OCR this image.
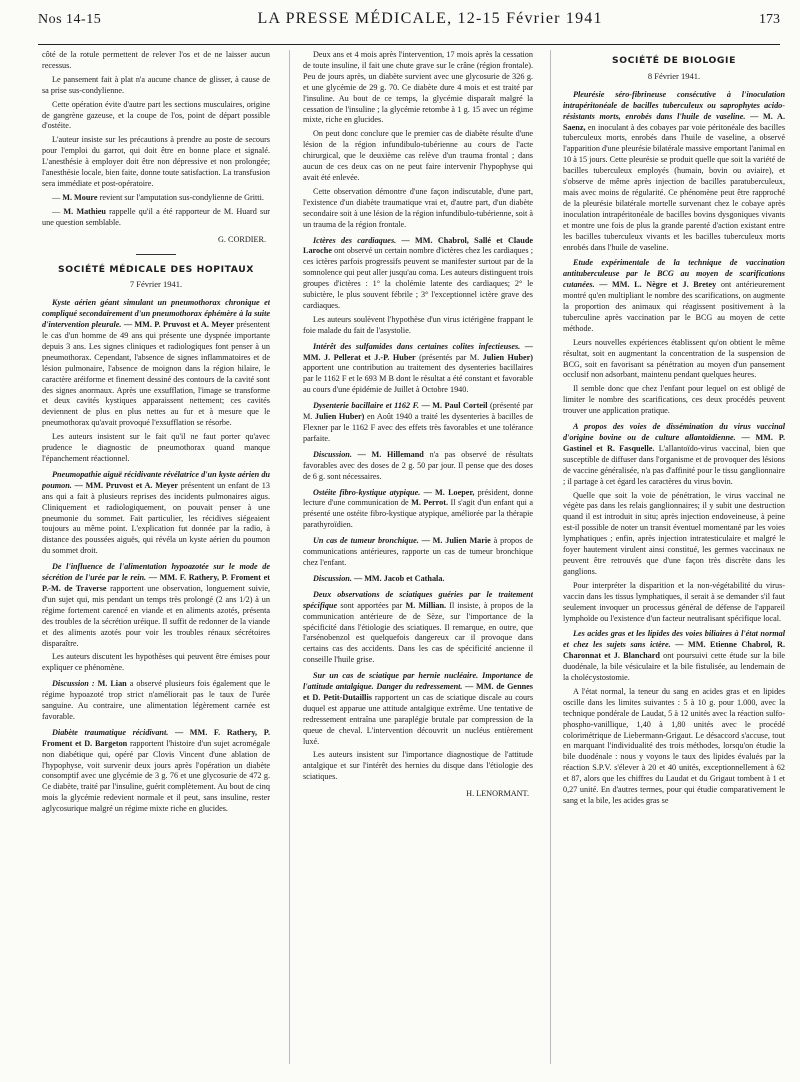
Nos 14-15	LA PRESSE MÉDICALE, 12-15 Février 1941	173

côté de la rotule permettent de relever l'os et de ne laisser aucun recessus.

Le pansement fait à plat n'a aucune chance de glisser, à cause de sa prise sus-condylienne.

Cette opération évite d'autre part les sections musculaires, origine de gangrène gazeuse, et la coupe de l'os, point de départ possible d'ostéite.

L'auteur insiste sur les précautions à prendre au poste de secours pour l'emploi du garrot, qui doit être en bonne place et signalé. L'anesthésie à employer doit être non dépressive et non prolongée; l'anesthésie locale, bien faite, donne toute satisfaction. La transfusion sera immédiate et post-opératoire.

— M. Moure revient sur l'amputation sus-condylienne de Gritti.

— M. Mathieu rappelle qu'il a été rapporteur de M. Huard sur une question semblable.

G. CORDIER.

SOCIÉTÉ MÉDICALE DES HOPITAUX
7 Février 1941.

Kyste aérien géant simulant un pneumothorax chronique et compliqué secondairement d'un pneumothorax éphémère à la suite d'intervention pleurale. — MM. P. Pruvost et A. Meyer présentent le cas d'un homme de 49 ans qui présente une dyspnée importante depuis 3 ans. Les signes cliniques et radiologiques font penser à un pneumothorax. Cependant, l'absence de signes inflammatoires et de lésion pulmonaire, l'absence de moignon dans la région hilaire, le caractère aréiforme et finement dessiné des contours de la cavité sont des signes anormaux. Après une exsufflation, l'image se transforme et deux cavités kystiques apparaissent nettement; ces cavités deviennent de plus en plus nettes au fur et à mesure que le pneumothorax qu'avait provoqué l'exsufflation se résorbe.

Les auteurs insistent sur le fait qu'il ne faut porter qu'avec prudence le diagnostic de pneumothorax quand manque l'épanchement réactionnel.

Pneumopathie aiguë récidivante révélatrice d'un kyste aérien du poumon. — MM. Pruvost et A. Meyer présentent un enfant de 13 ans qui a fait à plusieurs reprises des incidents pulmonaires aigus. Cliniquement et radiologiquement, on pouvait penser à une pneumonie du sommet. Fait particulier, les récidives siégeaient toujours au même point. L'explication fut donnée par la radio, à distance des poussées aiguës, qui révéla un kyste aérien du poumon du sommet droit.

De l'influence de l'alimentation hypoazotée sur le mode de sécrétion de l'urée par le rein. — MM. F. Rathery, P. Froment et P.-M. de Traverse rapportent une observation, longuement suivie, d'un sujet qui, mis pendant un temps très prolongé (2 ans 1/2) à un régime fortement carencé en viande et en aliments azotés, présenta des troubles de la sécrétion uréique. Il suffit de redonner de la viande et des aliments azotés pour voir les troubles rénaux sécrétoires disparaître.

Les auteurs discutent les hypothèses qui peuvent être émises pour expliquer ce phénomène.

Discussion : M. Lian a observé plusieurs fois également que le régime hypoazoté trop strict n'améliorait pas le taux de l'urée sanguine. Au contraire, une alimentation légèrement carnée est favorable.

Diabète traumatique récidivant. — MM. F. Rathery, P. Froment et D. Bargeton rapportent l'histoire d'un sujet acromégale non diabétique qui, opéré par Clovis Vincent d'une ablation de l'hypophyse, voit survenir deux jours après l'opération un diabète consomptif avec une glycémie de 3 g. 76 et une glycosurie de 472 g. Ce diabète, traité par l'insuline, guérit complètement. Au bout de cinq mois la glycémie redevient normale et il peut, sans insuline, rester aglycosurique malgré un régime mixte riche en glucides.

Deux ans et 4 mois après l'intervention, 17 mois après la cessation de toute insuline, il fait une chute grave sur le crâne (région frontale). Peu de jours après, un diabète survient avec une glycosurie de 326 g. et une glycémie de 29 g. 70. Ce diabète dure 4 mois et est traité par l'insuline. Au bout de ce temps, la glycémie disparaît malgré la cessation de l'insuline ; la glycémie retombe à 1 g. 15 avec un régime mixte, riche en glucides.

On peut donc conclure que le premier cas de diabète résulte d'une lésion de la région infundibulo-tubérienne au cours de l'acte chirurgical, que le deuxième cas relève d'un trauma frontal ; dans aucun de ces deux cas on ne peut faire intervenir l'hypophyse qui avait été enlevée.

Cette observation démontre d'une façon indiscutable, d'une part, l'existence d'un diabète traumatique vrai et, d'autre part, d'un diabète secondaire soit à une lésion de la région infundibulo-tubérienne, soit à un trauma de la région frontale.

Ictères des cardiaques. — MM. Chabrol, Sallé et Claude Laroche ont observé un certain nombre d'ictères chez les cardiaques ; ces ictères parfois progressifs peuvent se manifester surtout par de la somnolence qui peut aller jusqu'au coma. Les auteurs distinguent trois groupes d'ictères : 1° la cholémie latente des cardiaques; 2° le subictère, le plus souvent fébrile ; 3° l'exceptionnel ictère grave des cardiaques.

Les auteurs soulèvent l'hypothèse d'un virus ictérigène frappant le foie malade du fait de l'asystolie.

Intérêt des sulfamides dans certaines colites infectieuses. — MM. J. Pellerat et J.-P. Huber (présentés par M. Julien Huber) apportent une contribution au traitement des dysenteries bacillaires par le 1162 F et le 693 M B dont le résultat a été constant et favorable au cours d'une épidémie de Juillet à Octobre 1940.

Dysenterie bacillaire et 1162 F. — M. Paul Corteil (présenté par M. Julien Huber) en Août 1940 a traité les dysenteries à bacilles de Flexner par le 1162 F avec des effets très favorables et une tolérance parfaite.

Discussion. — M. Hillemand n'a pas observé de résultats favorables avec des doses de 2 g. 50 par jour. Il pense que des doses de 6 g. sont nécessaires.

Ostéite fibro-kystique atypique. — M. Loeper, président, donne lecture d'une communication de M. Perrot. Il s'agit d'un enfant qui a présenté une ostéite fibro-kystique atypique, améliorée par la thérapie parathyroïdien.

Un cas de tumeur bronchique. — M. Julien Marie à propos de communications antérieures, rapporte un cas de tumeur bronchique chez l'enfant.

Discussion. — MM. Jacob et Cathala.

Deux observations de sciatiques guéries par le traitement spécifique sont apportées par M. Millian. Il insiste, à propos de la communication antérieure de de Sèze, sur l'importance de la spécificité dans l'étiologie des sciatiques. Il remarque, en outre, que l'arsénobenzol est quelquefois dangereux car il provoque dans certains cas des accidents. Dans les cas de spécificité ancienne il conseille l'huile grise.

Sur un cas de sciatique par hernie nucléaire. Importance de l'attitude antalgique. Danger du redressement. — MM. de Gennes et D. Petit-Dutaillis rapportent un cas de sciatique discale au cours duquel est apparue une attitude antalgique extrême. Une tentative de redressement entraîna une paraplégie brutale par compression de la queue de cheval. L'intervention découvrit un nucléus entièrement luxé.

Les auteurs insistent sur l'importance diagnostique de l'attitude antalgique et sur l'intérêt des hernies du disque dans l'étiologie des sciatiques.

H. LENORMANT.

SOCIÉTÉ DE BIOLOGIE
8 Février 1941.

Pleurésie séro-fibrineuse consécutive à l'inoculation intrapéritonéale de bacilles tuberculeux ou saprophytes acido-résistants morts, enrobés dans l'huile de vaseline. — M. A. Saenz, en inoculant à des cobayes par voie péritonéale des bacilles tuberculeux morts, enrobés dans l'huile de vaseline, a observé l'apparition d'une pleurésie bilatérale massive emportant l'animal en 10 à 15 jours. Cette pleurésie se produit quelle que soit la variété de bacilles tuberculeux employés (humain, bovin ou aviaire), et s'observe de même après injection de bacilles paratuberculeux, mais avec moins de régularité. Ce phénomène peut être rapproché de la pleurésie bilatérale mortelle survenant chez le cobaye après inoculation intrapéritonéale de bacilles bovins dysgoniques vivants et montre une fois de plus la grande parenté d'action existant entre les bacilles tuberculeux vivants et les bacilles tuberculeux morts enrobés dans l'huile de vaseline.

Etude expérimentale de la technique de vaccination antituberculeuse par le BCG au moyen de scarifications cutanées. — MM. L. Nègre et J. Bretey ont antérieurement montré qu'en multipliant le nombre des scarifications, on augmente la proportion des animaux qui réagissent positivement à la tuberculine après vaccination par le BCG au moyen de cette méthode.

Leurs nouvelles expériences établissent qu'on obtient le même résultat, soit en augmentant la concentration de la suspension de BCG, soit en favorisant sa pénétration au moyen d'un pansement occlusif non adsorbant, maintenu pendant quelques heures.

Il semble donc que chez l'enfant pour lequel on est obligé de limiter le nombre des scarifications, ces deux procédés peuvent trouver une application pratique.

A propos des voies de dissémination du virus vaccinal d'origine bovine ou de culture allantoïdienne. — MM. P. Gastinel et R. Fasquelle. L'allantoïdo-virus vaccinal, bien que susceptible de diffuser dans l'organisme et de provoquer des lésions de vaccine généralisée, n'a pas d'affinité pour le tissu ganglionnaire ; il partage à cet égard les caractères du virus bovin.

Quelle que soit la voie de pénétration, le virus vaccinal ne végète pas dans les relais ganglionnaires; il y subit une destruction quand il est introduit in situ; après injection endoveineuse, à peine est-il possible de noter un transit éventuel momentané par les voies lymphatiques ; enfin, après injection intratesticulaire et malgré le foyer hautement virulent ainsi constitué, les germes vaccinaux ne peuvent être retrouvés que d'une façon très discrète dans les ganglions.

Pour interpréter la disparition et la non-végétabilité du virus-vaccin dans les tissus lymphatiques, il serait à se demander s'il faut seulement invoquer un processus général de défense de l'appareil lymphoïde ou l'existence d'un facteur neutralisant spécifique local.

Les acides gras et les lipides des voies biliaires à l'état normal et chez les sujets sans ictère. — MM. Etienne Chabrol, R. Charonnat et J. Blanchard ont poursuivi cette étude sur la bile duodénale, la bile vésiculaire et la bile fistulisée, au lendemain de la cholécystostomie.

A l'état normal, la teneur du sang en acides gras et en lipides oscille dans les limites suivantes : 5 à 10 g. pour 1.000, avec la technique pondérale de Laudat, 5 à 12 unités avec la réaction sulfo-phospho-vanillique, 1,40 à 1,80 unités avec le procédé colorimétrique de Liebermann-Grigaut. Le désaccord s'accuse, tout en marquant l'individualité des trois méthodes, lorsqu'on étudie la bile duodénale : nous y voyons le taux des lipides évalués par la réaction S.P.V. s'élever à 20 et 40 unités, exceptionnellement à 62 et 87, alors que les chiffres du Laudat et du Grigaut tombent à 1 et 0,27 unité. En d'autres termes, pour qui étudie comparativement le sang et la bile, les acides gras se
